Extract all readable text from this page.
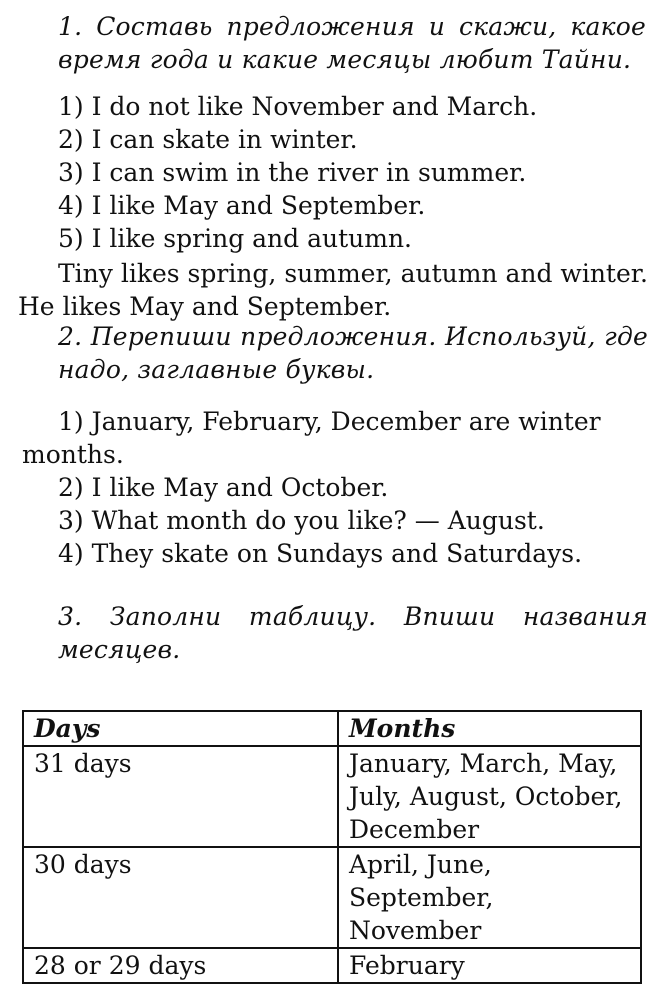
1. Составь предложения и скажи, какое время года и какие месяцы любит Тайни.
1) I do not like November and March.
2) I can skate in winter.
3) I can swim in the river in summer.
4) I like May and September.
5) I like spring and autumn.
Tiny likes spring, summer, autumn and winter.
He likes May and September.
2. Перепиши предложения. Используй, где надо, заглавные буквы.
1) January, February, December are winter
months.
2) I like May and October.
3) What month do you like? — August.
4) They skate on Sundays and Saturdays.
3. Заполни таблицу. Впиши названия месяцев.
Days	Months
31 days	January, March, May, July, August, October, December
30 days	April, June, September, November
28 or 29 days	February
